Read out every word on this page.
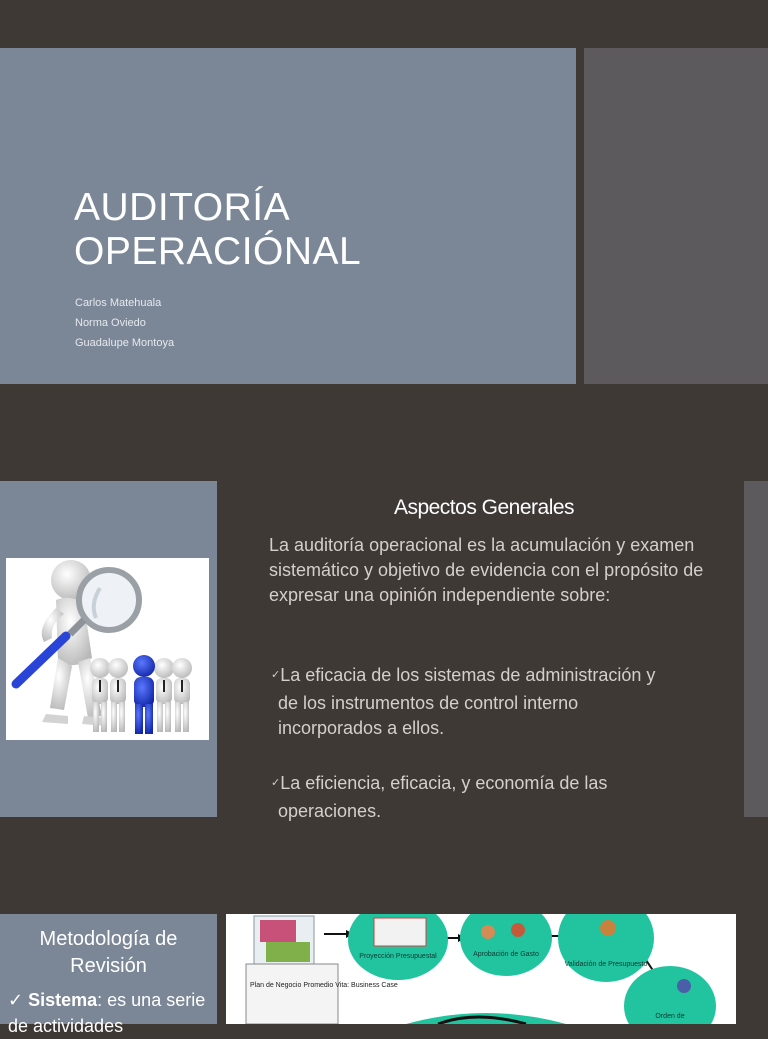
AUDITORÍA
OPERACIÓNAL
Carlos Matehuala
Norma Oviedo
Guadalupe Montoya
Aspectos Generales

La auditoría operacional es la acumulación y examen sistemático y objetivo de evidencia con el propósito de expresar una opinión independiente sobre:

✓La eficacia de los sistemas de administración y
de los instrumentos de control interno
incorporados a ellos.
✓La eficiencia, eficacia, y economía de las
operaciones.
Metodología de
Revisión
✓ Sistema: es una serie de actividades
Plan de Negocio Promedio Vita: Business Case
Proyección Presupuestal	Aprobación de Gasto
Validación de Presupuesto
Orden de
